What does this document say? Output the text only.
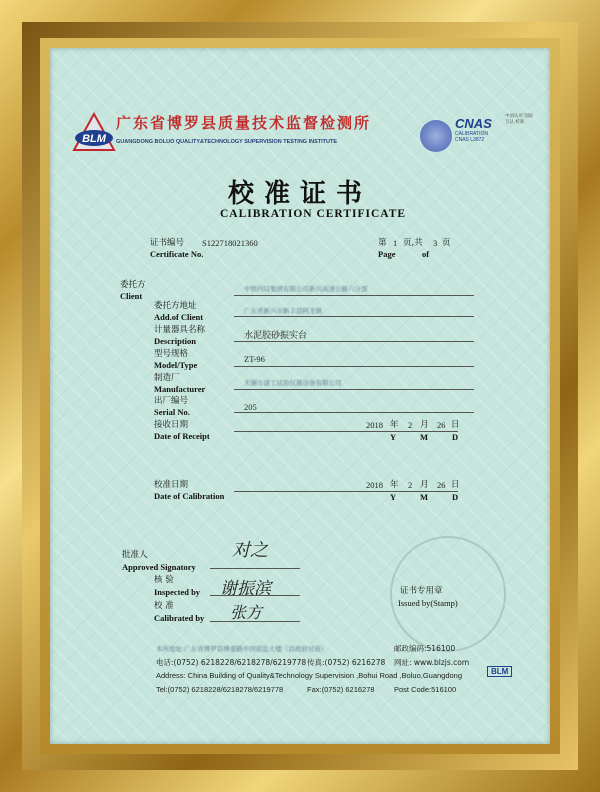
BLM
广东省博罗县质量技术监督检测所
GUANGDONG BOLUO QUALITY&TECHNOLOGY SUPERVISION TESTING INSTITUTE
CNAS
CALIBRATION
CNAS L3872
中国认可 国际互认 校准
校准证书
CALIBRATION CERTIFICATE
证书编号
Certificate No.
S122718021360	第 1 页,共 3 页
Page	of
委托方
Client
中铁四局集团有限公司新兴高速公路六分部
委托方地址
Add.of Client
广东省新兴市新丰县阿龙镇
计量器具名称
Description	水泥胶砂振实台
型号规格
Model/Type
ZT-96
制造厂
Manufacturer
无锡市建工试验仪器设备有限公司
出厂编号
Serial No.	205
接收日期
Date of Receipt
2018 年 2 月 26 日
Y	M	D
校准日期
Date of Calibration
2018 年 2 月 26 日
Y	M	D
证书专用章
Issued by(Stamp)
批准人
Approved Signatory
对之
核 验
Inspected by 谢振滨
校 准
Calibrated by 张方
本所地址:广东省博罗县博嘉路中国质监大楼（县政府对面）	邮政编码:516100
电话:(0752) 6218228/6218278/6219778 传真:(0752) 6216278 网址: www.blzjs.com
Address: China Building of Quality&Technology Supervision ,Bohui Road ,Boluo,Guangdong
Tel:(0752) 6218228/6218278/6219778	Fax:(0752) 6216278	Post Code:516100
BLM
